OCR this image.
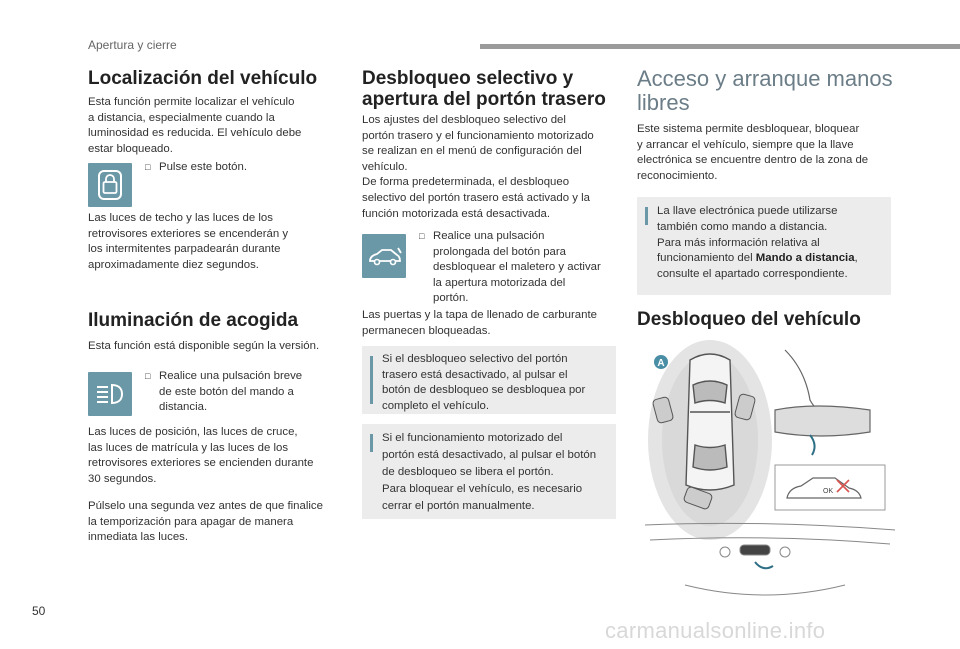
Apertura y cierre
Localización del vehículo

Esta función permite localizar el vehículo
a distancia, especialmente cuando la
luminosidad es reducida. El vehículo debe
estar bloqueado.

□ Pulse este botón.

Las luces de techo y las luces de los
retrovisores exteriores se encenderán y
los intermitentes parpadearán durante
aproximadamente diez segundos.

Iluminación de acogida

Esta función está disponible según la versión.

□ Realice una pulsación breve
de este botón del mando a
distancia.

Las luces de posición, las luces de cruce,
las luces de matrícula y las luces de los
retrovisores exteriores se encienden durante
30 segundos.

Púlselo una segunda vez antes de que finalice
la temporización para apagar de manera
inmediata las luces.

Desbloqueo selectivo y
apertura del portón trasero

Los ajustes del desbloqueo selectivo del
portón trasero y el funcionamiento motorizado
se realizan en el menú de configuración del
vehículo.
De forma predeterminada, el desbloqueo
selectivo del portón trasero está activado y la
función motorizada está desactivada.

□ Realice una pulsación
prolongada del botón para
desbloquear el maletero y activar
la apertura motorizada del
portón.

Las puertas y la tapa de llenado de carburante
permanecen bloqueadas.

Si el desbloqueo selectivo del portón
trasero está desactivado, al pulsar el
botón de desbloqueo se desbloquea por
completo el vehículo.

Si el funcionamiento motorizado del
portón está desactivado, al pulsar el botón
de desbloqueo se libera el portón.
Para bloquear el vehículo, es necesario
cerrar el portón manualmente.

Acceso y arranque manos
libres

Este sistema permite desbloquear, bloquear
y arrancar el vehículo, siempre que la llave
electrónica se encuentre dentro de la zona de
reconocimiento.

La llave electrónica puede utilizarse
también como mando a distancia.
Para más información relativa al
funcionamiento del Mando a distancia,
consulte el apartado correspondiente.

Desbloqueo del vehículo
A
OK
50
carmanualsonline.info
